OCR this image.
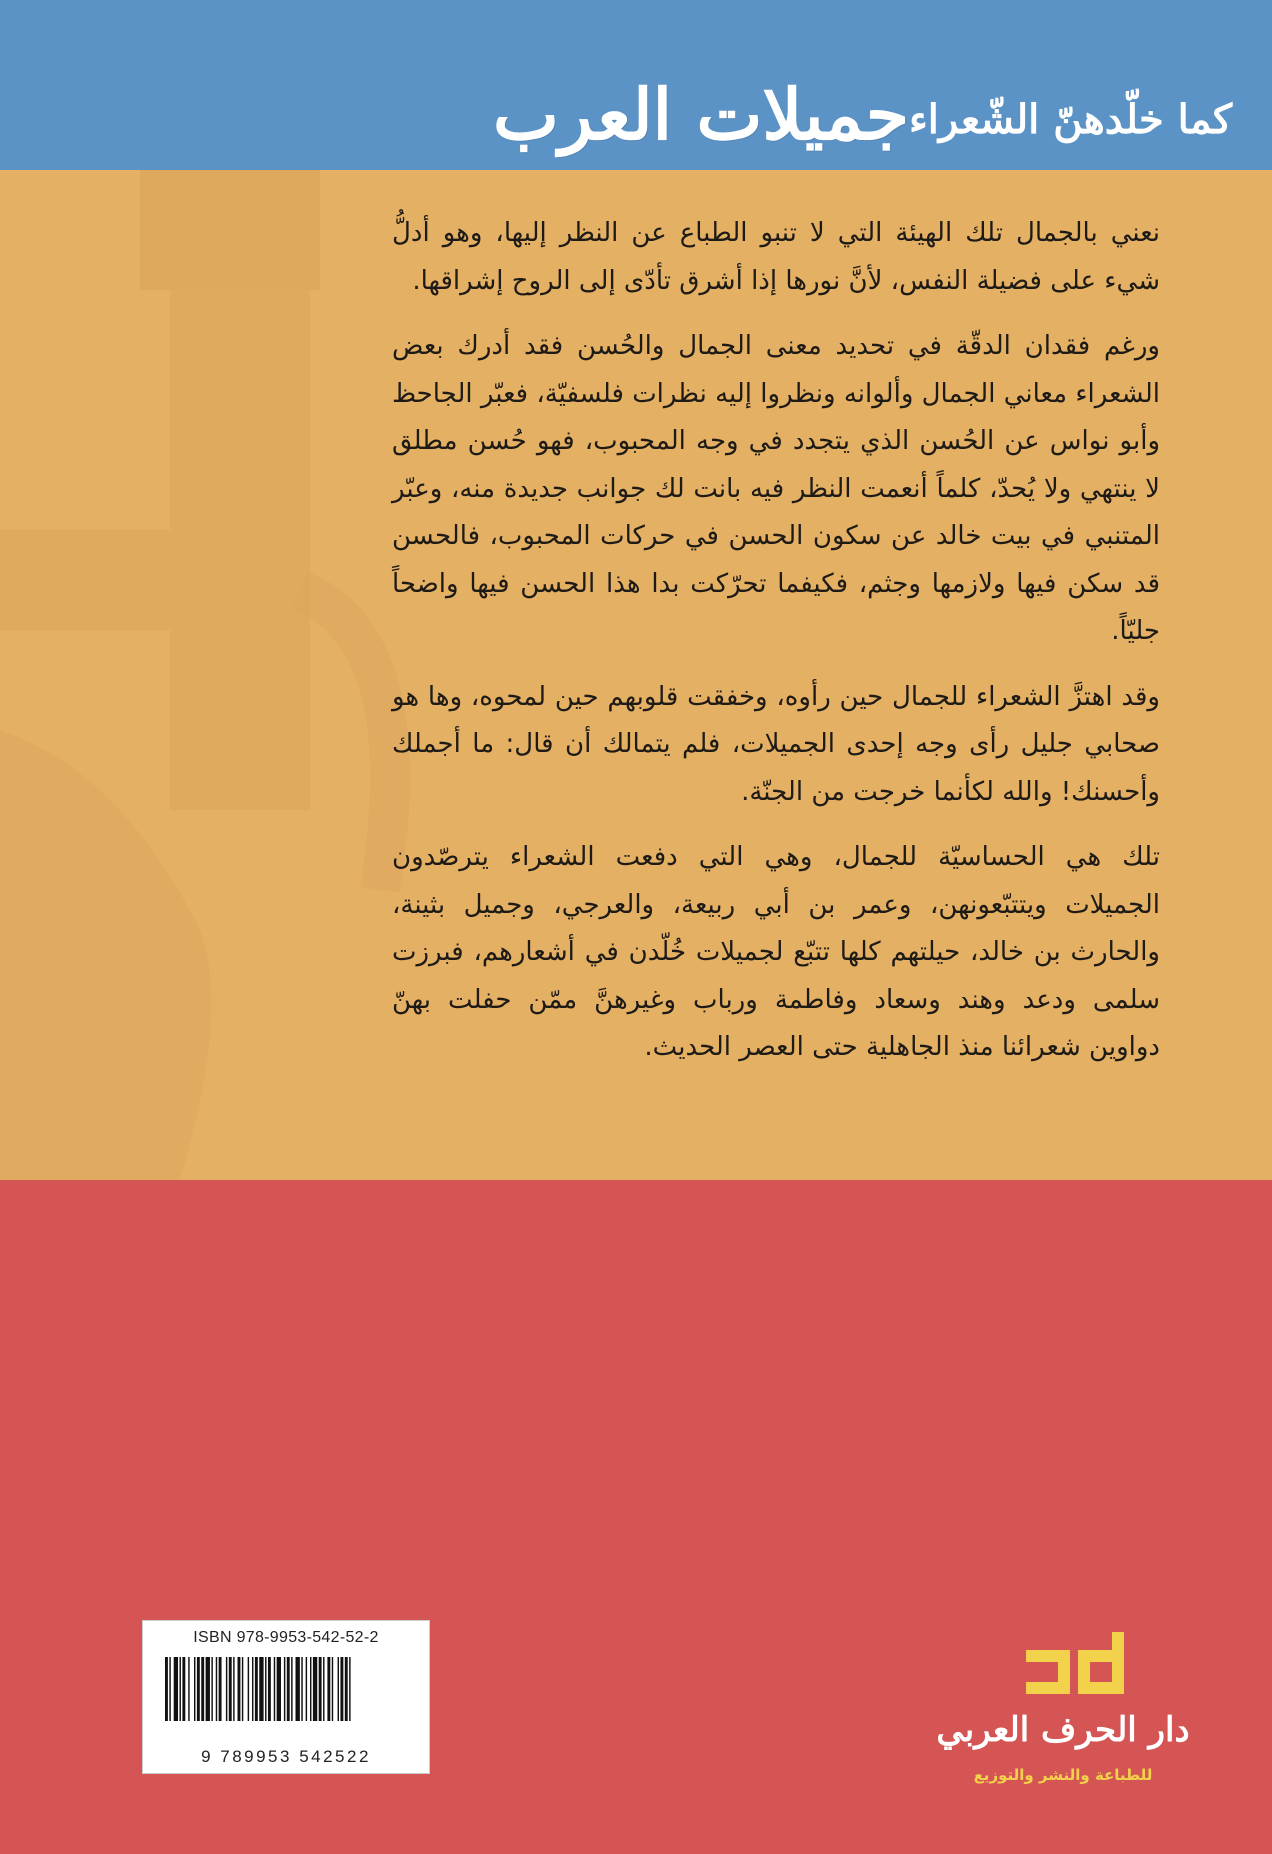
جميلات العرب كما خلّدهنّ الشّعراء

نعني بالجمال تلك الهيئة التي لا تنبو الطباع عن النظر إليها، وهو أدلُّ شيء على فضيلة النفس، لأنَّ نورها إذا أشرق تأدّى إلى الروح إشراقها.

ورغم فقدان الدقّة في تحديد معنى الجمال والحُسن فقد أدرك بعض الشعراء معاني الجمال وألوانه ونظروا إليه نظرات فلسفيّة، فعبّر الجاحظ وأبو نواس عن الحُسن الذي يتجدد في وجه المحبوب، فهو حُسن مطلق لا ينتهي ولا يُحدّ، كلماً أنعمت النظر فيه بانت لك جوانب جديدة منه، وعبّر المتنبي في بيت خالد عن سكون الحسن في حركات المحبوب، فالحسن قد سكن فيها ولازمها وجثم، فكيفما تحرّكت بدا هذا الحسن فيها واضحاً جليّاً.

وقد اهتزَّ الشعراء للجمال حين رأوه، وخفقت قلوبهم حين لمحوه، وها هو صحابي جليل رأى وجه إحدى الجميلات، فلم يتمالك أن قال: ما أجملك وأحسنك! والله لكأنما خرجت من الجنّة.

تلك هي الحساسيّة للجمال، وهي التي دفعت الشعراء يترصّدون الجميلات ويتتبّعونهن، وعمر بن أبي ربيعة، والعرجي، وجميل بثينة، والحارث بن خالد، حيلتهم كلها تتبّع لجميلات خُلّدن في أشعارهم، فبرزت سلمى ودعد وهند وسعاد وفاطمة ورباب وغيرهنَّ ممّن حفلت بهنّ دواوين شعرائنا منذ الجاهلية حتى العصر الحديث.

ISBN 978-9953-542-52-2
9 789953 542522
دار الحرف العربي
للطباعة والنشر والتوزيع
